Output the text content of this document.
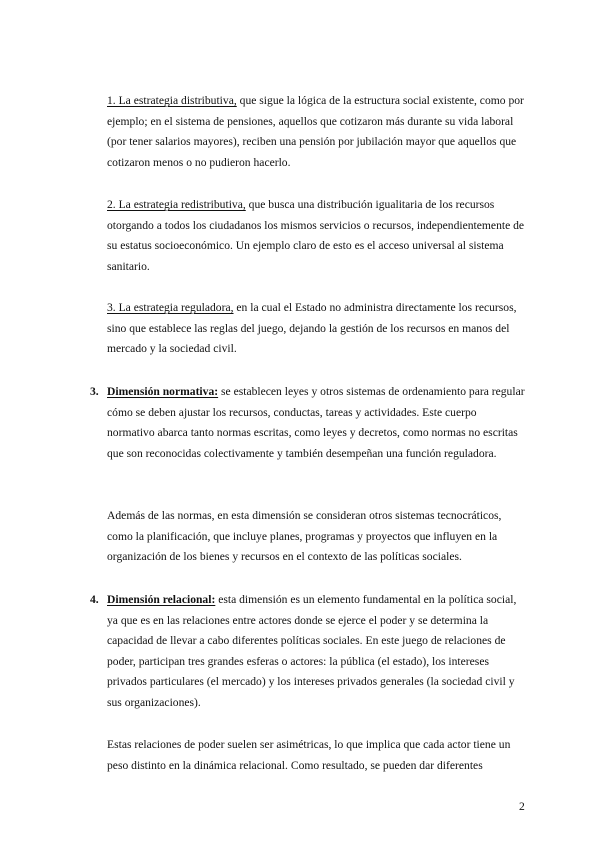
1. La estrategia distributiva, que sigue la lógica de la estructura social existente, como por ejemplo; en el sistema de pensiones, aquellos que cotizaron más durante su vida laboral (por tener salarios mayores), reciben una pensión por jubilación mayor que aquellos que cotizaron menos o no pudieron hacerlo.

2. La estrategia redistributiva, que busca una distribución igualitaria de los recursos otorgando a todos los ciudadanos los mismos servicios o recursos, independientemente de su estatus socioeconómico. Un ejemplo claro de esto es el acceso universal al sistema sanitario.

3. La estrategia reguladora, en la cual el Estado no administra directamente los recursos, sino que establece las reglas del juego, dejando la gestión de los recursos en manos del mercado y la sociedad civil.

3. Dimensión normativa: se establecen leyes y otros sistemas de ordenamiento para regular cómo se deben ajustar los recursos, conductas, tareas y actividades. Este cuerpo normativo abarca tanto normas escritas, como leyes y decretos, como normas no escritas que son reconocidas colectivamente y también desempeñan una función reguladora.

Además de las normas, en esta dimensión se consideran otros sistemas tecnocráticos, como la planificación, que incluye planes, programas y proyectos que influyen en la organización de los bienes y recursos en el contexto de las políticas sociales.

4. Dimensión relacional: esta dimensión es un elemento fundamental en la política social, ya que es en las relaciones entre actores donde se ejerce el poder y se determina la capacidad de llevar a cabo diferentes políticas sociales. En este juego de relaciones de poder, participan tres grandes esferas o actores: la pública (el estado), los intereses privados particulares (el mercado) y los intereses privados generales (la sociedad civil y sus organizaciones).

Estas relaciones de poder suelen ser asimétricas, lo que implica que cada actor tiene un peso distinto en la dinámica relacional. Como resultado, se pueden dar diferentes

2
